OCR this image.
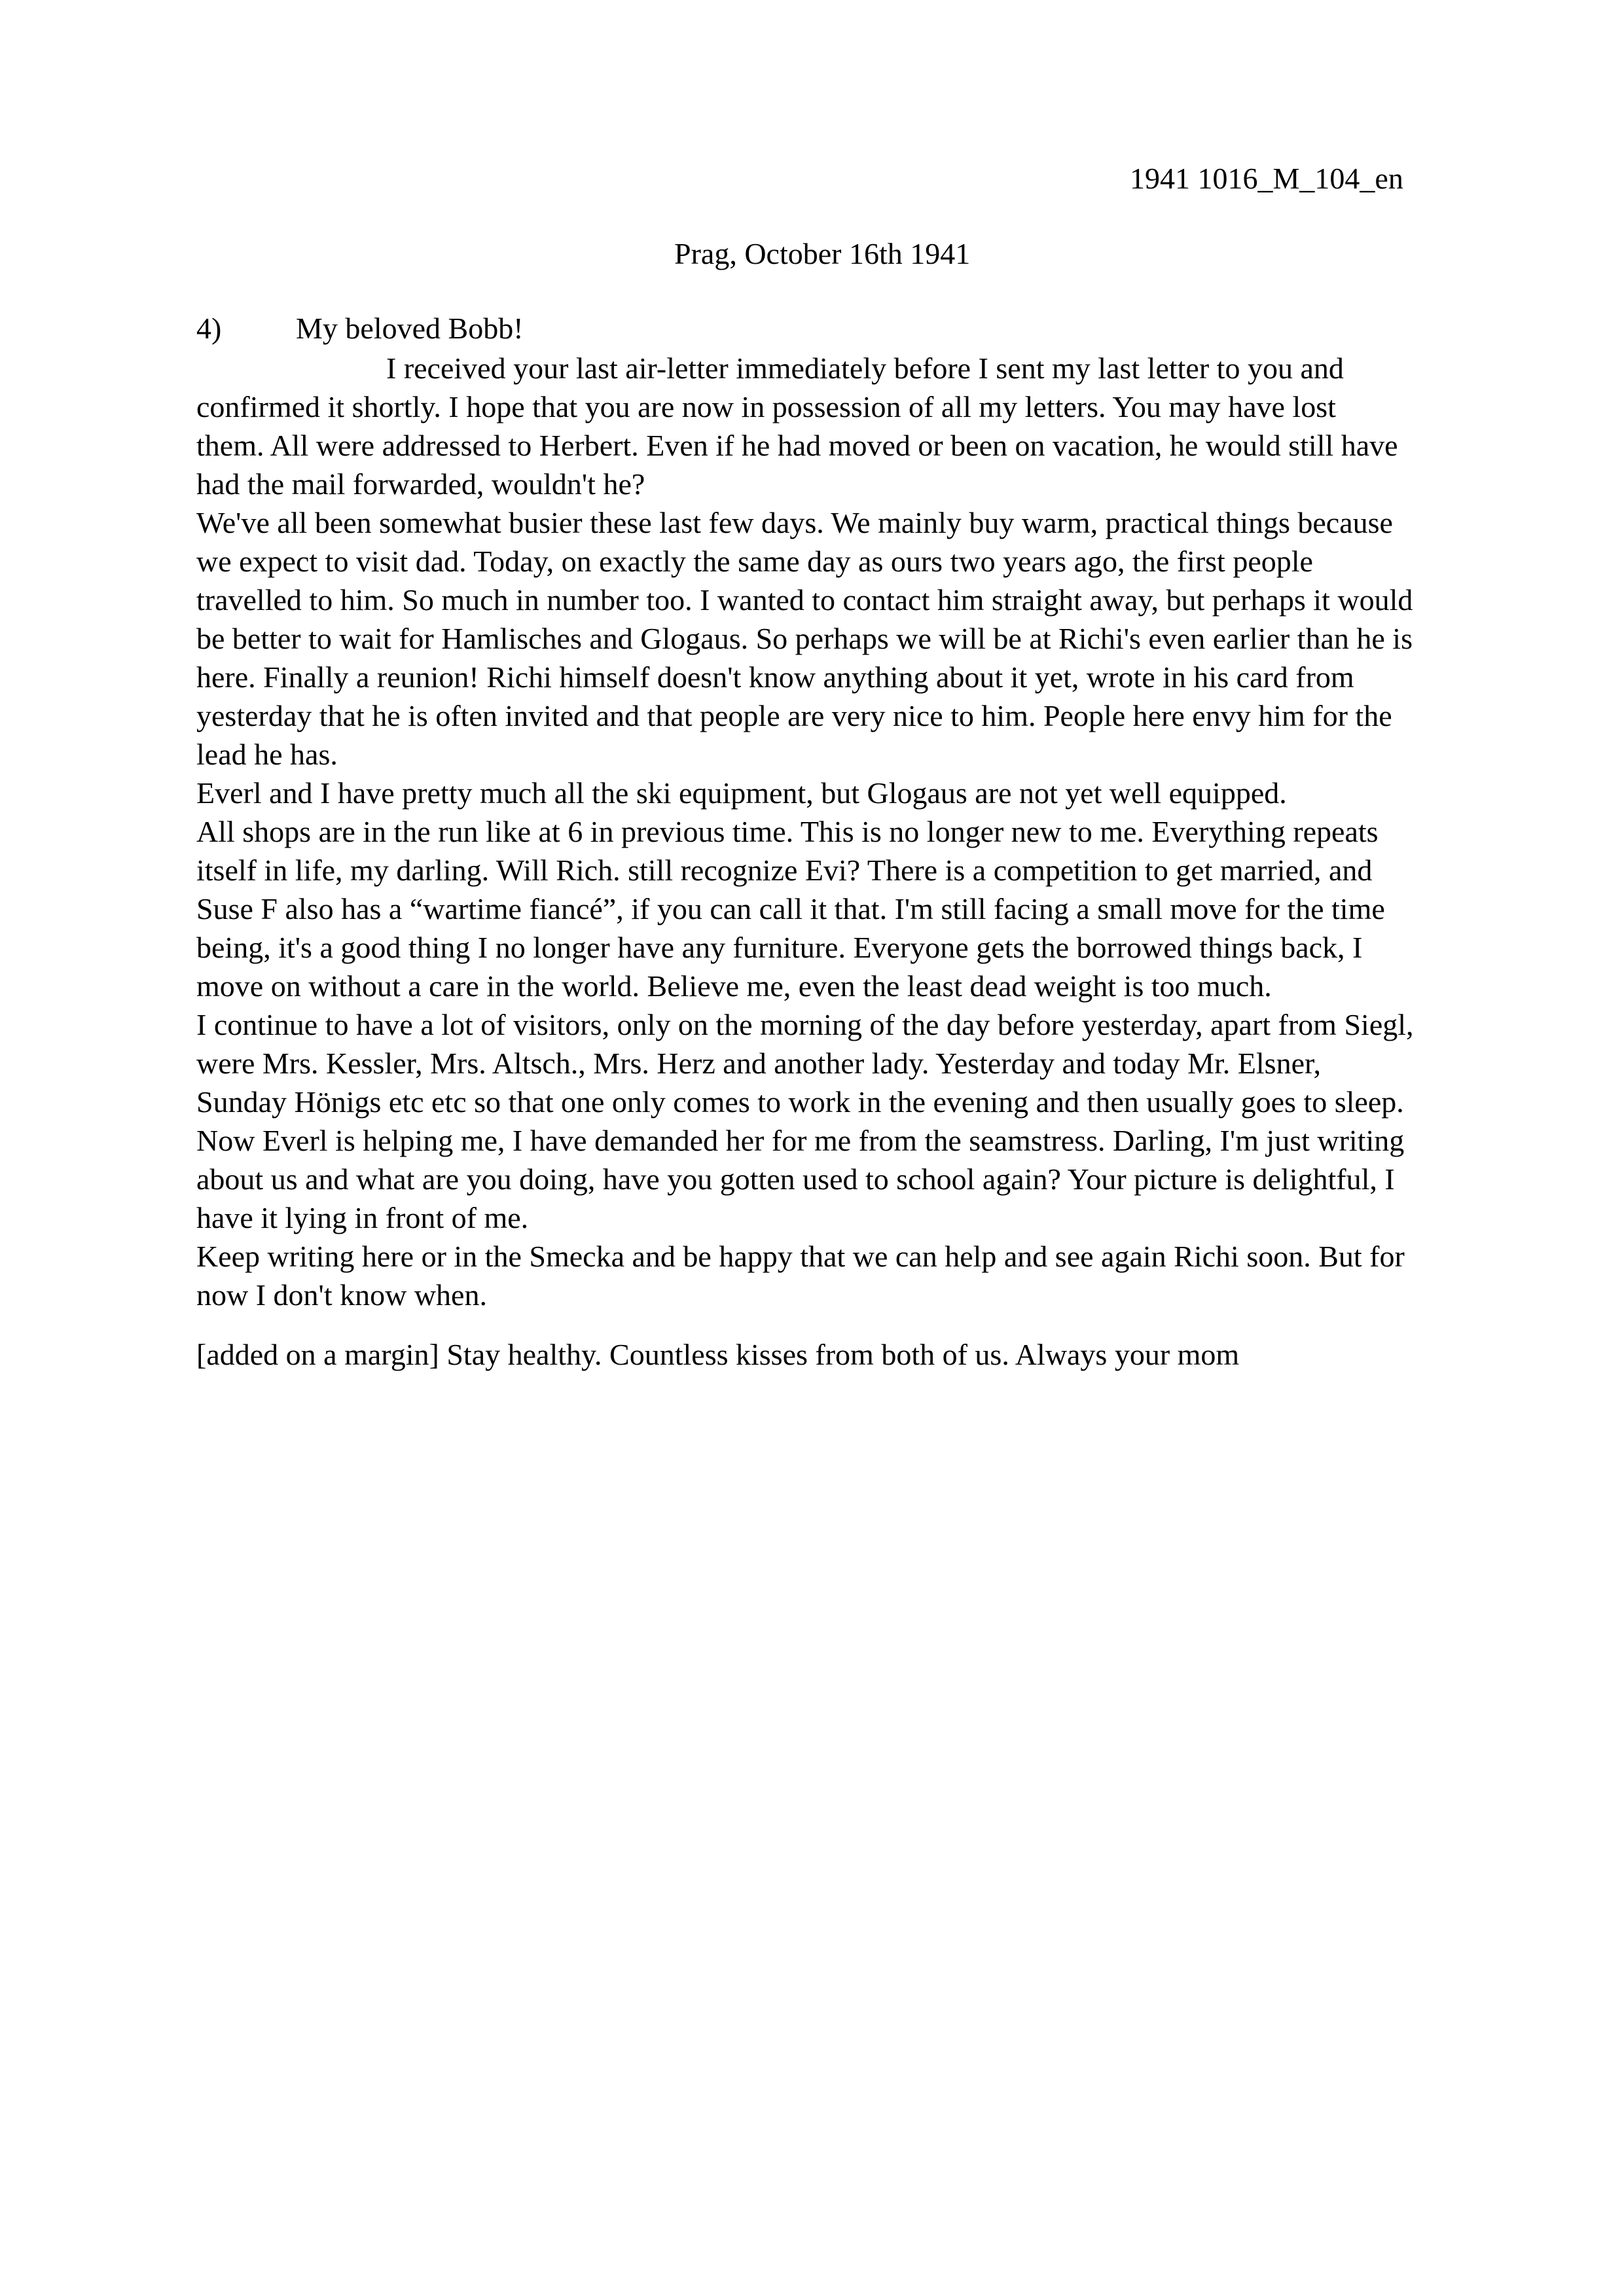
1941 1016_M_104_en
Prag, October 16th 1941
4) My beloved Bobb!
I received your last air-letter immediately before I sent my last letter to you and
confirmed it shortly. I hope that you are now in possession of all my letters. You may have lost
them. All were addressed to Herbert. Even if he had moved or been on vacation, he would still have
had the mail forwarded, wouldn't he?
We've all been somewhat busier these last few days. We mainly buy warm, practical things because
we expect to visit dad. Today, on exactly the same day as ours two years ago, the first people
travelled to him. So much in number too. I wanted to contact him straight away, but perhaps it would
be better to wait for Hamlisches and Glogaus. So perhaps we will be at Richi's even earlier than he is
here. Finally a reunion! Richi himself doesn't know anything about it yet, wrote in his card from
yesterday that he is often invited and that people are very nice to him. People here envy him for the
lead he has.
Everl and I have pretty much all the ski equipment, but Glogaus are not yet well equipped.
All shops are in the run like at 6 in previous time. This is no longer new to me. Everything repeats
itself in life, my darling. Will Rich. still recognize Evi? There is a competition to get married, and
Suse F also has a “wartime fiancé”, if you can call it that. I'm still facing a small move for the time
being, it's a good thing I no longer have any furniture. Everyone gets the borrowed things back, I
move on without a care in the world. Believe me, even the least dead weight is too much.
I continue to have a lot of visitors, only on the morning of the day before yesterday, apart from Siegl,
were Mrs. Kessler, Mrs. Altsch., Mrs. Herz and another lady. Yesterday and today Mr. Elsner,
Sunday Hönigs etc etc so that one only comes to work in the evening and then usually goes to sleep.
Now Everl is helping me, I have demanded her for me from the seamstress. Darling, I'm just writing
about us and what are you doing, have you gotten used to school again? Your picture is delightful, I
have it lying in front of me.
Keep writing here or in the Smecka and be happy that we can help and see again Richi soon. But for
now I don't know when.
[added on a margin] Stay healthy. Countless kisses from both of us. Always your mom
